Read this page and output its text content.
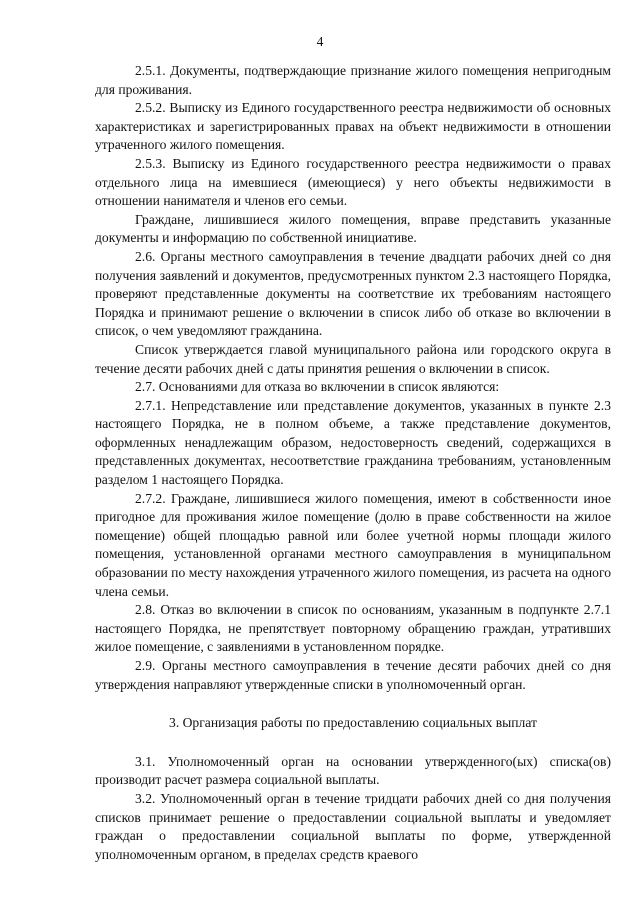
4

2.5.1. Документы, подтверждающие признание жилого помещения непригодным для проживания.

2.5.2. Выписку из Единого государственного реестра недвижимости об основных характеристиках и зарегистрированных правах на объект недвижимости в отношении утраченного жилого помещения.

2.5.3. Выписку из Единого государственного реестра недвижимости о правах отдельного лица на имевшиеся (имеющиеся) у него объекты недвижимости в отношении нанимателя и членов его семьи.

Граждане, лишившиеся жилого помещения, вправе представить указанные документы и информацию по собственной инициативе.

2.6. Органы местного самоуправления в течение двадцати рабочих дней со дня получения заявлений и документов, предусмотренных пунктом 2.3 настоящего Порядка, проверяют представленные документы на соответствие их требованиям настоящего Порядка и принимают решение о включении в список либо об отказе во включении в список, о чем уведомляют гражданина.

Список утверждается главой муниципального района или городского округа в течение десяти рабочих дней с даты принятия решения о включении в список.

2.7. Основаниями для отказа во включении в список являются:

2.7.1. Непредставление или представление документов, указанных в пункте 2.3 настоящего Порядка, не в полном объеме, а также представление документов, оформленных ненадлежащим образом, недостоверность сведений, содержащихся в представленных документах, несоответствие гражданина требованиям, установленным разделом 1 настоящего Порядка.

2.7.2. Граждане, лишившиеся жилого помещения, имеют в собственности иное пригодное для проживания жилое помещение (долю в праве собственности на жилое помещение) общей площадью равной или более учетной нормы площади жилого помещения, установленной органами местного самоуправления в муниципальном образовании по месту нахождения утраченного жилого помещения, из расчета на одного члена семьи.

2.8. Отказ во включении в список по основаниям, указанным в подпункте 2.7.1 настоящего Порядка, не препятствует повторному обращению граждан, утративших жилое помещение, с заявлениями в установленном порядке.

2.9. Органы местного самоуправления в течение десяти рабочих дней со дня утверждения направляют утвержденные списки в уполномоченный орган.

3. Организация работы по предоставлению социальных выплат

3.1. Уполномоченный орган на основании утвержденного(ых) списка(ов) производит расчет размера социальной выплаты.

3.2. Уполномоченный орган в течение тридцати рабочих дней со дня получения списков принимает решение о предоставлении социальной выплаты и уведомляет граждан о предоставлении социальной выплаты по форме, утвержденной уполномоченным органом, в пределах средств краевого
